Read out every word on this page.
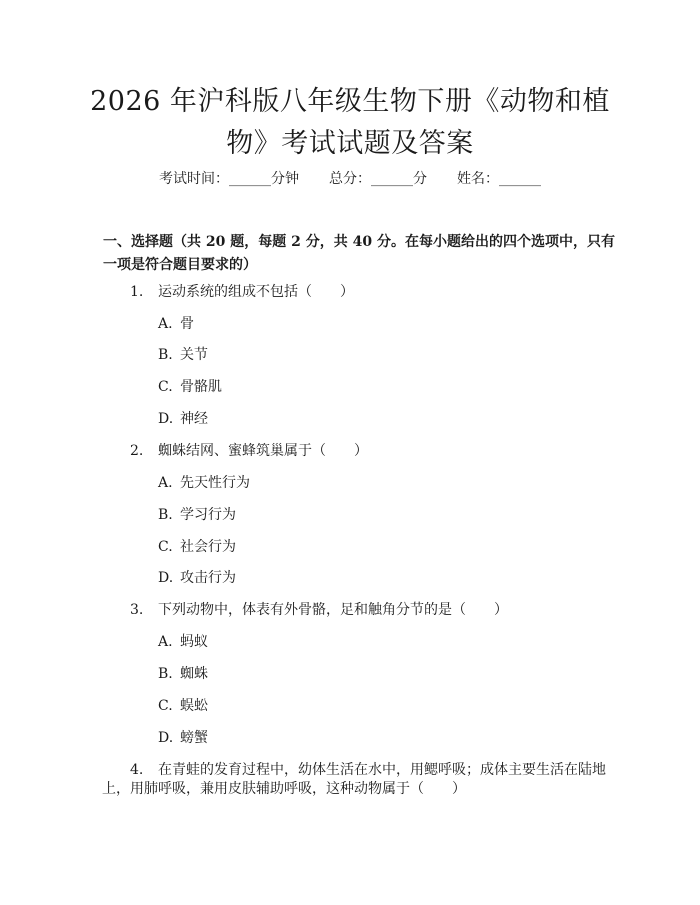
2026 年沪科版八年级生物下册《动物和植
物》考试试题及答案
考试时间：______分钟 总分：______分 姓名：______
一、选择题（共 20 题，每题 2 分，共 40 分。在每小题给出的四个选项中，只有
一项是符合题目要求的）
1. 运动系统的组成不包括（　　）
A. 骨
B. 关节
C. 骨骼肌
D. 神经
2. 蜘蛛结网、蜜蜂筑巢属于（　　）
A. 先天性行为
B. 学习行为
C. 社会行为
D. 攻击行为
3. 下列动物中，体表有外骨骼，足和触角分节的是（　　）
A. 蚂蚁
B. 蜘蛛
C. 蜈蚣
D. 螃蟹
4. 在青蛙的发育过程中，幼体生活在水中，用鳃呼吸；成体主要生活在陆地
上，用肺呼吸，兼用皮肤辅助呼吸，这种动物属于（　　）
